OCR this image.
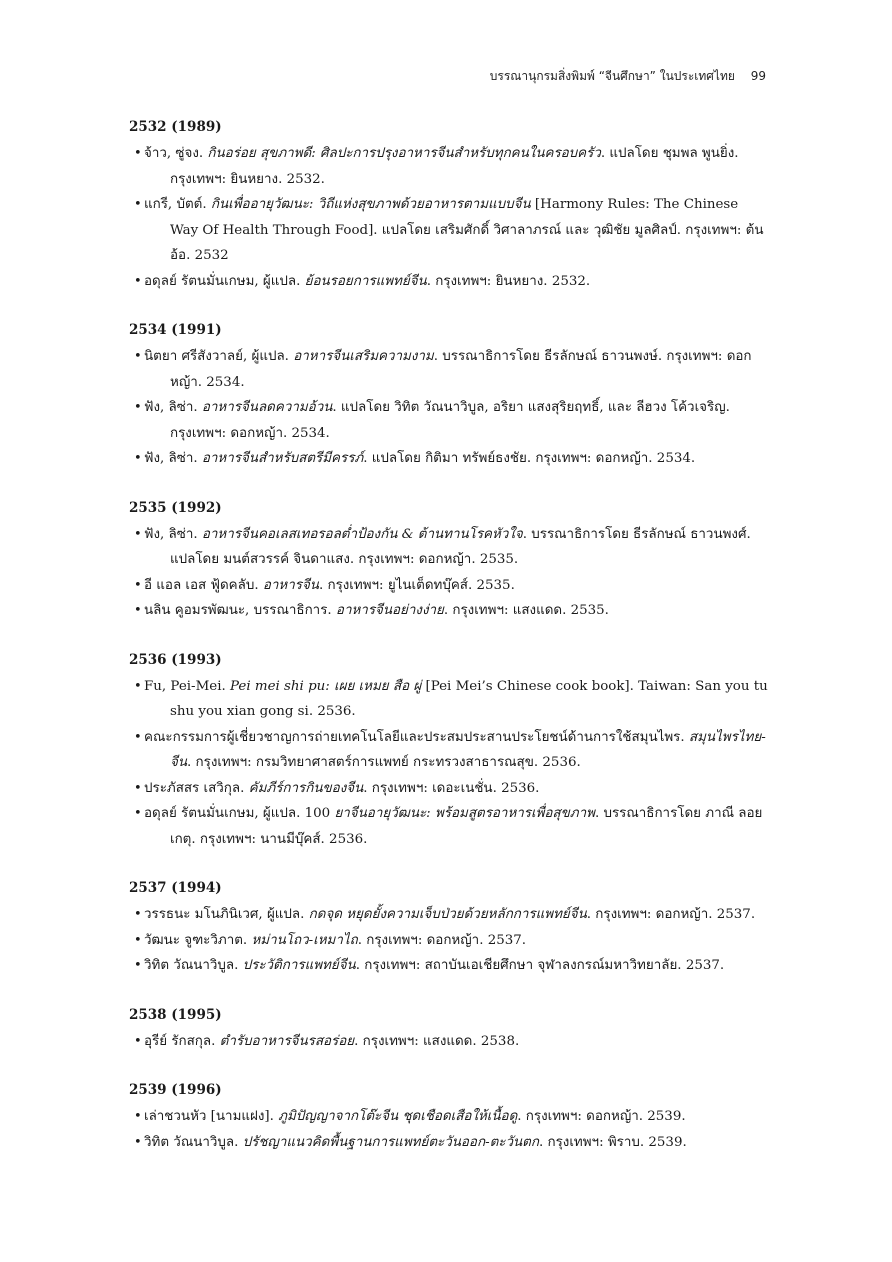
บรรณานุกรมสิ่งพิมพ์ “จีนศึกษา” ในประเทศไทย 99
2532 (1989)
• จ้าว, ซู่จง. กินอร่อย สุขภาพดี: ศิลปะการปรุงอาหารจีนสำหรับทุกคนในครอบครัว. แปลโดย ชุมพล พูนยิ่ง. กรุงเทพฯ: ยินหยาง. 2532.
• แกรี, บัตต์. กินเพื่ออายุวัฒนะ: วิถีแห่งสุขภาพด้วยอาหารตามแบบจีน [Harmony Rules: The Chinese Way Of Health Through Food]. แปลโดย เสริมศักดิ์ วิศาลาภรณ์ และ วุฒิชัย มูลศิลป์. กรุงเทพฯ: ต้นอ้อ. 2532
• อดุลย์ รัตนมั่นเกษม, ผู้แปล. ย้อนรอยการแพทย์จีน. กรุงเทพฯ: ยินหยาง. 2532.
2534 (1991)
• นิตยา ศรีสังวาลย์, ผู้แปล. อาหารจีนเสริมความงาม. บรรณาธิการโดย ธีรลักษณ์ ธาวนพงษ์. กรุงเทพฯ: ดอกหญ้า. 2534.
• ฟัง, ลิซ่า. อาหารจีนลดความอ้วน. แปลโดย วิทิต วัณนาวิบูล, อริยา แสงสุริยฤทธิ์, และ ลีฮวง โค้วเจริญ. กรุงเทพฯ: ดอกหญ้า. 2534.
• ฟัง, ลิซ่า. อาหารจีนสำหรับสตรีมีครรภ์. แปลโดย กิติมา ทรัพย์ธงชัย. กรุงเทพฯ: ดอกหญ้า. 2534.
2535 (1992)
• ฟัง, ลิซ่า. อาหารจีนคอเลสเทอรอลต่ำป้องกัน & ต้านทานโรคหัวใจ. บรรณาธิการโดย ธีรลักษณ์ ธาวนพงศ์. แปลโดย มนต์สวรรค์ จินดาแสง. กรุงเทพฯ: ดอกหญ้า. 2535.
• อี แอล เอส ฟู้ดคลับ. อาหารจีน. กรุงเทพฯ: ยูไนเต็ดทบุ๊คส์. 2535.
• นลิน คูอมรพัฒนะ, บรรณาธิการ. อาหารจีนอย่างง่าย. กรุงเทพฯ: แสงแดด. 2535.
2536 (1993)
• Fu, Pei-Mei. Pei mei shi pu: เผย เหมย สือ ผู่ [Pei Mei’s Chinese cook book]. Taiwan: San you tu shu you xian gong si. 2536.
• คณะกรรมการผู้เชี่ยวชาญการถ่ายเทคโนโลยีและประสมประสานประโยชน์ด้านการใช้สมุนไพร. สมุนไพรไทย-จีน. กรุงเทพฯ: กรมวิทยาศาสตร์การแพทย์ กระทรวงสาธารณสุข. 2536.
• ประภัสสร เสวิกุล. คัมภีร์การกินของจีน. กรุงเทพฯ: เดอะเนชั่น. 2536.
• อดุลย์ รัตนมั่นเกษม, ผู้แปล. 100 ยาจีนอายุวัฒนะ: พร้อมสูตรอาหารเพื่อสุขภาพ. บรรณาธิการโดย ภาณี ลอยเกตุ. กรุงเทพฯ: นานมีบุ๊คส์. 2536.
2537 (1994)
• วรรธนะ มโนภินิเวศ, ผู้แปล. กดจุด หยุดยั้งความเจ็บป่วยด้วยหลักการแพทย์จีน. กรุงเทพฯ: ดอกหญ้า. 2537.
• วัฒนะ จูฑะวิภาต. หม่านโถว-เหมาไถ. กรุงเทพฯ: ดอกหญ้า. 2537.
• วิทิต วัณนาวิบูล. ประวัติการแพทย์จีน. กรุงเทพฯ: สถาบันเอเชียศึกษา จุฬาลงกรณ์มหาวิทยาลัย. 2537.
2538 (1995)
• อุรีย์ รักสกุล. ตำรับอาหารจีนรสอร่อย. กรุงเทพฯ: แสงแดด. 2538.
2539 (1996)
• เล่าชวนหัว [นามแฝง]. ภูมิปัญญาจากโต๊ะจีน ชุดเชือดเสือให้เนื้อดู. กรุงเทพฯ: ดอกหญ้า. 2539.
• วิทิต วัณนาวิบูล. ปรัชญาแนวคิดพื้นฐานการแพทย์ตะวันออก-ตะวันตก. กรุงเทพฯ: พิราบ. 2539.
